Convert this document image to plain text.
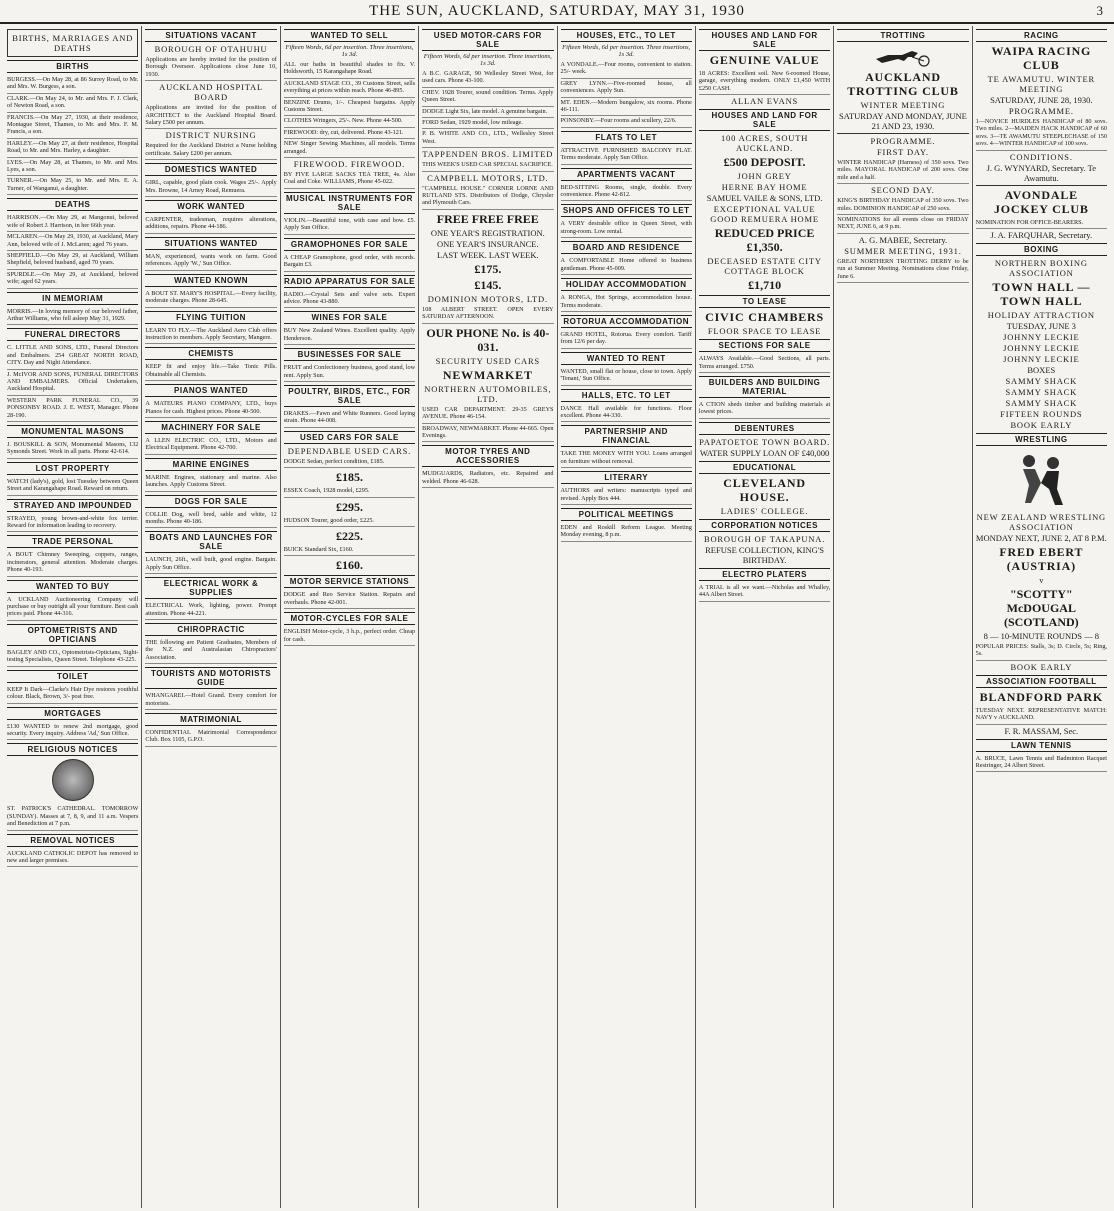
THE SUN, AUCKLAND, SATURDAY, MAY 31, 1930	3
BIRTHS, MARRIAGES AND DEATHS
BIRTHS

BURGESS.—On May 28, at 86 Surrey Road, to Mr. and Mrs. W. Burgess, a son.

CLARK.—On May 24, to Mr. and Mrs. F. J. Clark, of Newton Road, a son.

FRANCIS.—On May 27, 1930, at their residence, Montague Street, Thames, to Mr. and Mrs. F. M. Francis, a son.

HARLEY.—On May 27, at their residence, Hospital Road, to Mr. and Mrs. Harley, a daughter.

LYES.—On May 28, at Thames, to Mr. and Mrs. Lyes, a son.

TURNER.—On May 25, to Mr. and Mrs. E. A. Turner, of Wanganui, a daughter.

DEATHS

HARRISON.—On May 29, at Mangonui, beloved wife of Robert J. Harrison, in her 66th year.

MCLAREN.—On May 29, 1930, at Auckland, Mary Ann, beloved wife of J. McLaren; aged 76 years.

SHEPFIELD.—On May 29, at Auckland, William Shepfield, beloved husband, aged 70 years.

SPURDLE.—On May 29, at Auckland, beloved wife; aged 62 years.

IN MEMORIAM

MORRIS.—In loving memory of our beloved father, Arthur Williams, who fell asleep May 31, 1929.

FUNERAL DIRECTORS

C. LITTLE AND SONS, LTD., Funeral Directors and Embalmers. 254 GREAT NORTH ROAD, CITY. Day and Night Attendance.

J. McIVOR AND SONS, FUNERAL DIRECTORS AND EMBALMERS. Official Undertakers, Auckland Hospital.

WESTERN PARK FUNERAL CO., 39 PONSONBY ROAD. J. E. WEST, Manager. Phone 28-190.

MONUMENTAL MASONS

J. BOUSKILL & SON, Monumental Masons, 132 Symonds Street. Work in all parts. Phone 42-614.

LOST PROPERTY

WATCH (lady's), gold, lost Tuesday between Queen Street and Karangahape Road. Reward on return.

STRAYED AND IMPOUNDED

STRAYED, young brown-and-white fox terrier. Reward for information leading to recovery.

TRADE PERSONAL

A BOUT Chimney Sweeping, coppers, ranges, incinerators, general attention. Moderate charges. Phone 40-193.

WANTED TO BUY

A UCKLAND Auctioneering Company will purchase or buy outright all your furniture. Best cash prices paid. Phone 44-316.

OPTOMETRISTS AND OPTICIANS

BAGLEY AND CO., Optometrists-Opticians, Sight-testing Specialists, Queen Street. Telephone 43-225.

TOILET

KEEP It Dark—Clarke's Hair Dye restores youthful colour. Black, Brown, 3/- post free.

MORTGAGES

£130 WANTED to renew 2nd mortgage, good security. Every inquiry. Address 'Ad,' Sun Office.

RELIGIOUS NOTICES

ST. PATRICK'S CATHEDRAL. TOMORROW (SUNDAY). Masses at 7, 8, 9, and 11 a.m. Vespers and Benediction at 7 p.m.

REMOVAL NOTICES

AUCKLAND CATHOLIC DEPOT has removed to new and larger premises.

SITUATIONS VACANT
BOROUGH OF OTAHUHU

Applications are hereby invited for the position of Borough Overseer. Applications close June 10, 1930.

AUCKLAND HOSPITAL BOARD

Applications are invited for the position of ARCHITECT to the Auckland Hospital Board. Salary £500 per annum.

DISTRICT NURSING

Required for the Auckland District a Nurse holding certificate. Salary £200 per annum.

DOMESTICS WANTED

GIRL, capable, good plain cook. Wages 25/-. Apply Mrs. Browne, 14 Arney Road, Remuera.

WORK WANTED

CARPENTER, tradesman, requires alterations, additions, repairs. Phone 44-186.

SITUATIONS WANTED

MAN, experienced, wants work on farm. Good references. Apply 'W.,' Sun Office.

WANTED KNOWN

A BOUT ST. MARY'S HOSPITAL.—Every facility, moderate charges. Phone 28-645.

FLYING TUITION

LEARN TO FLY.—The Auckland Aero Club offers instruction to members. Apply Secretary, Mangere.

CHEMISTS

KEEP fit and enjoy life.—Take Tonic Pills. Obtainable all Chemists.

PIANOS WANTED

A MATEURS PIANO COMPANY, LTD., buys Pianos for cash. Highest prices. Phone 40-500.

MACHINERY FOR SALE

A LLEN ELECTRIC CO., LTD., Motors and Electrical Equipment. Phone 42-700.

MARINE ENGINES

MARINE Engines, stationary and marine. Also launches. Apply Customs Street.

DOGS FOR SALE

COLLIE Dog, well bred, sable and white, 12 months. Phone 40-186.

BOATS AND LAUNCHES FOR SALE

LAUNCH, 26ft., well built, good engine. Bargain. Apply Sun Office.

ELECTRICAL WORK & SUPPLIES

ELECTRICAL Work, lighting, power. Prompt attention. Phone 44-221.

CHIROPRACTIC

THE following are Patient Graduates, Members of the N.Z. and Australasian Chiropractors' Association.

TOURISTS AND MOTORISTS GUIDE

WHANGAREI.—Hotel Grand. Every comfort for motorists.

MATRIMONIAL

CONFIDENTIAL Matrimonial Correspondence Club. Box 1105, G.P.O.

WANTED TO SELL
Fifteen Words, 6d per insertion. Three insertions, 1s 3d.

ALL our baths in beautiful shades to fix. V. Holdsworth, 15 Karangahape Road.

AUCKLAND STAGE CO., 39 Customs Street, sells everything at prices within reach. Phone 46-895.

BENZINE Drums, 1/-. Cheapest bargains. Apply Customs Street.

CLOTHES Wringers, 25/-. New. Phone 44-500.

FIREWOOD: dry, cut, delivered. Phone 43-121.

NEW Singer Sewing Machines, all models. Terms arranged.

FIREWOOD. FIREWOOD.

BY FIVE LARGE SACKS TEA TREE, 4s. Also Coal and Coke. WILLIAMS, Phone 45-022.

MUSICAL INSTRUMENTS FOR SALE

VIOLIN.—Beautiful tone, with case and bow. £5. Apply Sun Office.

GRAMOPHONES FOR SALE

A CHEAP Gramophone, good order, with records. Bargain £3.

RADIO APPARATUS FOR SALE

RADIO.—Crystal Sets and valve sets. Expert advice. Phone 43-880.

WINES FOR SALE

BUY New Zealand Wines. Excellent quality. Apply Henderson.

BUSINESSES FOR SALE

FRUIT and Confectionery business, good stand, low rent. Apply Sun.

POULTRY, BIRDS, ETC., FOR SALE

DRAKES.—Fawn and White Runners. Good laying strain. Phone 44-008.

USED CARS FOR SALE
DEPENDABLE USED CARS.

DODGE Sedan, perfect condition, £185.

£185.

ESSEX Coach, 1928 model, £295.

£295.

HUDSON Tourer, good order, £225.

£225.

BUICK Standard Six, £160.

£160.
MOTOR SERVICE STATIONS

DODGE and Reo Service Station. Repairs and overhauls. Phone 42-001.

MOTOR-CYCLES FOR SALE

ENGLISH Motor-cycle, 3 h.p., perfect order. Cheap for cash.

USED MOTOR-CARS FOR SALE
Fifteen Words, 6d per insertion. Three insertions, 1s 3d.

A B.C. GARAGE, 90 Wellesley Street West, for used cars. Phone 43-100.

CHEV. 1928 Tourer, sound condition. Terms. Apply Queen Street.

DODGE Light Six, late model. A genuine bargain.

FORD Sedan, 1929 model, low mileage.

P. B. WHITE AND CO., LTD., Wellesley Street West.

TAPPENDEN BROS. LIMITED

THIS WEEK'S USED CAR SPECIAL SACRIFICE.

CAMPBELL MOTORS, LTD.

"CAMPBELL HOUSE." CORNER LORNE AND RUTLAND STS. Distributors of Dodge, Chrysler and Plymouth Cars.

FREE FREE FREE
ONE YEAR'S REGISTRATION.
ONE YEAR'S INSURANCE.
LAST WEEK. LAST WEEK.
£175.
£145.
DOMINION MOTORS, LTD.

108 ALBERT STREET. OPEN EVERY SATURDAY AFTERNOON.

OUR PHONE No. is 40-031.
SECURITY USED CARS
NEWMARKET
NORTHERN AUTOMOBILES, LTD.

USED CAR DEPARTMENT. 29-35 GREYS AVENUE. Phone 46-154.

BROADWAY, NEWMARKET. Phone 44-665. Open Evenings.

MOTOR TYRES AND ACCESSORIES

MUDGUARDS, Radiators, etc. Repaired and welded. Phone 46-628.

HOUSES, ETC., TO LET
Fifteen Words, 6d per insertion. Three insertions, 1s 3d.

A VONDALE.—Four rooms, convenient to station. 25/- week.

GREY LYNN.—Five-roomed house, all conveniences. Apply Sun.

MT. EDEN.—Modern bungalow, six rooms. Phone 46-111.

PONSONBY.—Four rooms and scullery, 22/6.

FLATS TO LET

ATTRACTIVE FURNISHED BALCONY FLAT. Terms moderate. Apply Sun Office.

APARTMENTS VACANT

BED-SITTING Rooms, single, double. Every convenience. Phone 42-812.

SHOPS AND OFFICES TO LET

A VERY desirable office in Queen Street, with strong-room. Low rental.

BOARD AND RESIDENCE

A COMFORTABLE Home offered to business gentleman. Phone 45-009.

HOLIDAY ACCOMMODATION

A RONGA, Hot Springs, accommodation house. Terms moderate.

ROTORUA ACCOMMODATION

GRAND HOTEL, Rotorua. Every comfort. Tariff from 12/6 per day.

WANTED TO RENT

WANTED, small flat or house, close to town. Apply 'Tenant,' Sun Office.

HALLS, ETC. TO LET

DANCE Hall available for functions. Floor excellent. Phone 44-330.

PARTNERSHIP AND FINANCIAL

TAKE THE MONEY WITH YOU. Loans arranged on furniture without removal.

LITERARY

AUTHORS and writers: manuscripts typed and revised. Apply Box 444.

POLITICAL MEETINGS

EDEN and Roskill Reform League. Meeting Monday evening, 8 p.m.

HOUSES AND LAND FOR SALE
GENUINE VALUE

18 ACRES: Excellent soil. New 6-roomed House, garage, everything modern. ONLY £1,450 WITH £250 CASH.

ALLAN EVANS
HOUSES AND LAND FOR SALE
100 ACRES, SOUTH AUCKLAND.
£500 DEPOSIT.
JOHN GREY
HERNE BAY HOME
SAMUEL VAILE & SONS, LTD.
EXCEPTIONAL VALUE GOOD REMUERA HOME
REDUCED PRICE £1,350.
DECEASED ESTATE CITY COTTAGE BLOCK
£1,710
TO LEASE
CIVIC CHAMBERS
FLOOR SPACE TO LEASE
SECTIONS FOR SALE

ALWAYS Available.—Good Sections, all parts. Terms arranged. £750.

BUILDERS AND BUILDING MATERIAL

A CTION sheds timber and building materials at lowest prices.

DEBENTURES
PAPATOETOE TOWN BOARD.
WATER SUPPLY LOAN OF £40,000
EDUCATIONAL
CLEVELAND HOUSE.
LADIES' COLLEGE.
CORPORATION NOTICES
BOROUGH OF TAKAPUNA.
REFUSE COLLECTION, KING'S BIRTHDAY.
ELECTRO PLATERS

A TRIAL is all we want.—Nicholas and Whalley, 44A Albert Street.

TROTTING
AUCKLAND TROTTING CLUB
WINTER MEETING
SATURDAY AND MONDAY, JUNE 21 AND 23, 1930.
PROGRAMME.
FIRST DAY.

WINTER HANDICAP (Harness) of 350 sovs. Two miles. MAYORAL HANDICAP of 200 sovs. One mile and a half.

SECOND DAY.

KING'S BIRTHDAY HANDICAP of 350 sovs. Two miles. DOMINION HANDICAP of 250 sovs.

NOMINATIONS for all events close on FRIDAY NEXT, JUNE 6, at 9 p.m.

A. G. MABEE, Secretary.
SUMMER MEETING, 1931.

GREAT NORTHERN TROTTING DERBY to be run at Summer Meeting. Nominations close Friday, June 6.

RACING
WAIPA RACING CLUB
TE AWAMUTU. WINTER MEETING
SATURDAY, JUNE 28, 1930.
PROGRAMME.

1—NOVICE HURDLES HANDICAP of 80 sovs. Two miles. 2—MAIDEN HACK HANDICAP of 60 sovs. 3—TE AWAMUTU STEEPLECHASE of 150 sovs. 4—WINTER HANDICAP of 100 sovs.

CONDITIONS.
J. G. WYNYARD, Secretary. Te Awamutu.
AVONDALE JOCKEY CLUB

NOMINATION FOR OFFICE-BEARERS.

J. A. FARQUHAR, Secretary.
BOXING
NORTHERN BOXING ASSOCIATION
TOWN HALL — TOWN HALL
HOLIDAY ATTRACTION
TUESDAY, JUNE 3
JOHNNY LECKIE
JOHNNY LECKIE
JOHNNY LECKIE
BOXES
SAMMY SHACK
SAMMY SHACK
SAMMY SHACK
FIFTEEN ROUNDS
BOOK EARLY
WRESTLING
NEW ZEALAND WRESTLING ASSOCIATION
MONDAY NEXT, JUNE 2, AT 8 P.M.
FRED EBERT (AUSTRIA)
v
"SCOTTY" McDOUGAL (SCOTLAND)
8 — 10-MINUTE ROUNDS — 8

POPULAR PRICES: Stalls, 3s; D. Circle, 5s; Ring, 5s.

BOOK EARLY
ASSOCIATION FOOTBALL
BLANDFORD PARK

TUESDAY NEXT. REPRESENTATIVE MATCH: NAVY v AUCKLAND.

F. R. MASSAM, Sec.
LAWN TENNIS

A. BRUCE, Lawn Tennis and Badminton Racquet Restringer, 24 Albert Street.
